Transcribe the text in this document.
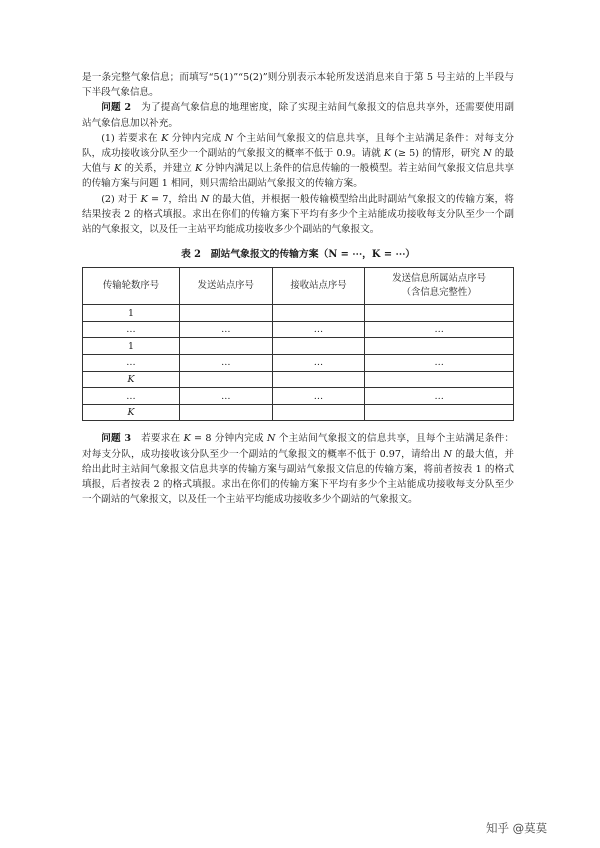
是一条完整气象信息；而填写“5(1)”“5(2)”则分别表示本轮所发送消息来自于第 5 号主站的上半段与下半段气象信息。

问题 2　 为了提高气象信息的地理密度，除了实现主站间气象报文的信息共享外，还需要使用副站气象信息加以补充。

(1) 若要求在 K 分钟内完成 N 个主站间气象报文的信息共享，且每个主站满足条件：对每支分队，成功接收该分队至少一个副站的气象报文的概率不低于 0.9。请就 K (≥ 5) 的情形，研究 N 的最大值与 K 的关系，并建立 K 分钟内满足以上条件的信息传输的一般模型。若主站间气象报文信息共享的传输方案与问题 1 相同，则只需给出副站气象报文的传输方案。

(2) 对于 K = 7，给出 N 的最大值，并根据一般传输模型给出此时副站气象报文的传输方案，将结果按表 2 的格式填报。求出在你们的传输方案下平均有多少个主站能成功接收每支分队至少一个副站的气象报文，以及任一主站平均能成功接收多少个副站的气象报文。

表 2　副站气象报文的传输方案（N = ⋯，K = ⋯）
传输轮数序号	发送站点序号	接收站点序号	发送信息所属站点序号
（含信息完整性）
1			
…	…	…	…
1			
…	…	…	…
K			
…	…	…	…
K			

问题 3　 若要求在 K = 8 分钟内完成 N 个主站间气象报文的信息共享，且每个主站满足条件：对每支分队，成功接收该分队至少一个副站的气象报文的概率不低于 0.97，请给出 N 的最大值，并给出此时主站间气象报文信息共享的传输方案与副站气象报文信息的传输方案，将前者按表 1 的格式填报，后者按表 2 的格式填报。求出在你们的传输方案下平均有多少个主站能成功接收每支分队至少一个副站的气象报文，以及任一个主站平均能成功接收多少个副站的气象报文。

知乎 @莫莫
